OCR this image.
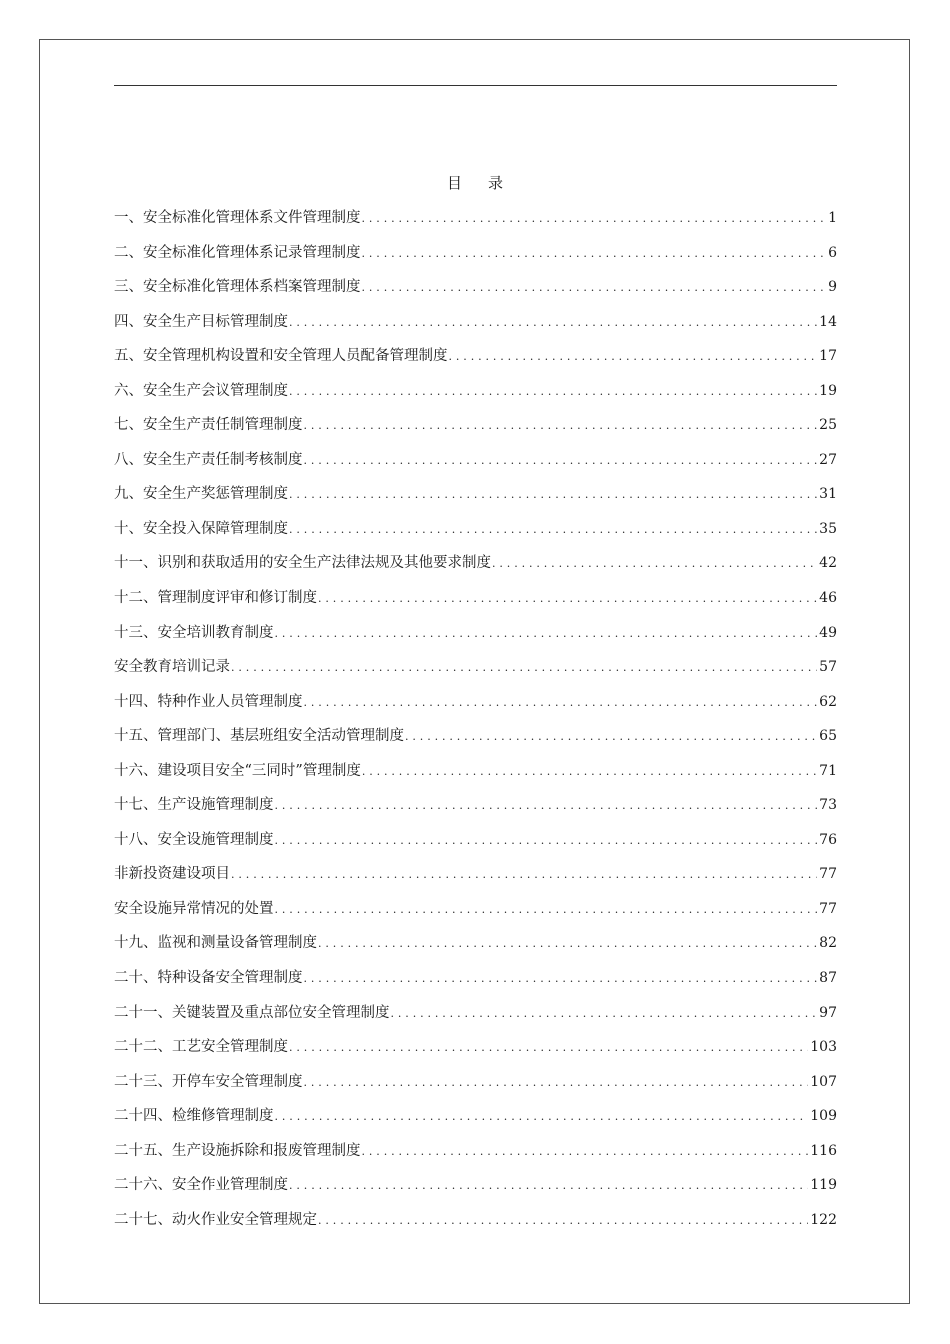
目 录
一、安全标准化管理体系文件管理制度 .....	1
二、安全标准化管理体系记录管理制度 .....	6
三、安全标准化管理体系档案管理制度 .....	9
四、安全生产目标管理制度 .....	14
五、安全管理机构设置和安全管理人员配备管理制度 .....	17
六、安全生产会议管理制度 .....	19
七、安全生产责任制管理制度 .....	25
八、安全生产责任制考核制度 .....	27
九、安全生产奖惩管理制度 .....	31
十、安全投入保障管理制度 .....	35
十一、识别和获取适用的安全生产法律法规及其他要求制度 .....	42
十二、管理制度评审和修订制度 .....	46
十三、安全培训教育制度 .....	49
安全教育培训记录 .....	57
十四、特种作业人员管理制度 .....	62
十五、管理部门、基层班组安全活动管理制度 .....	65
十六、建设项目安全“三同时”管理制度 .....	71
十七、生产设施管理制度 .....	73
十八、安全设施管理制度 .....	76
非新投资建设项目 .....	77
安全设施异常情况的处置 .....	77
十九、监视和测量设备管理制度 .....	82
二十、特种设备安全管理制度 .....	87
二十一、关键装置及重点部位安全管理制度 .....	97
二十二、工艺安全管理制度 .....	103
二十三、开停车安全管理制度 .....	107
二十四、检维修管理制度 .....	109
二十五、生产设施拆除和报废管理制度 .....	116
二十六、安全作业管理制度 .....	119
二十七、动火作业安全管理规定 .....	122
